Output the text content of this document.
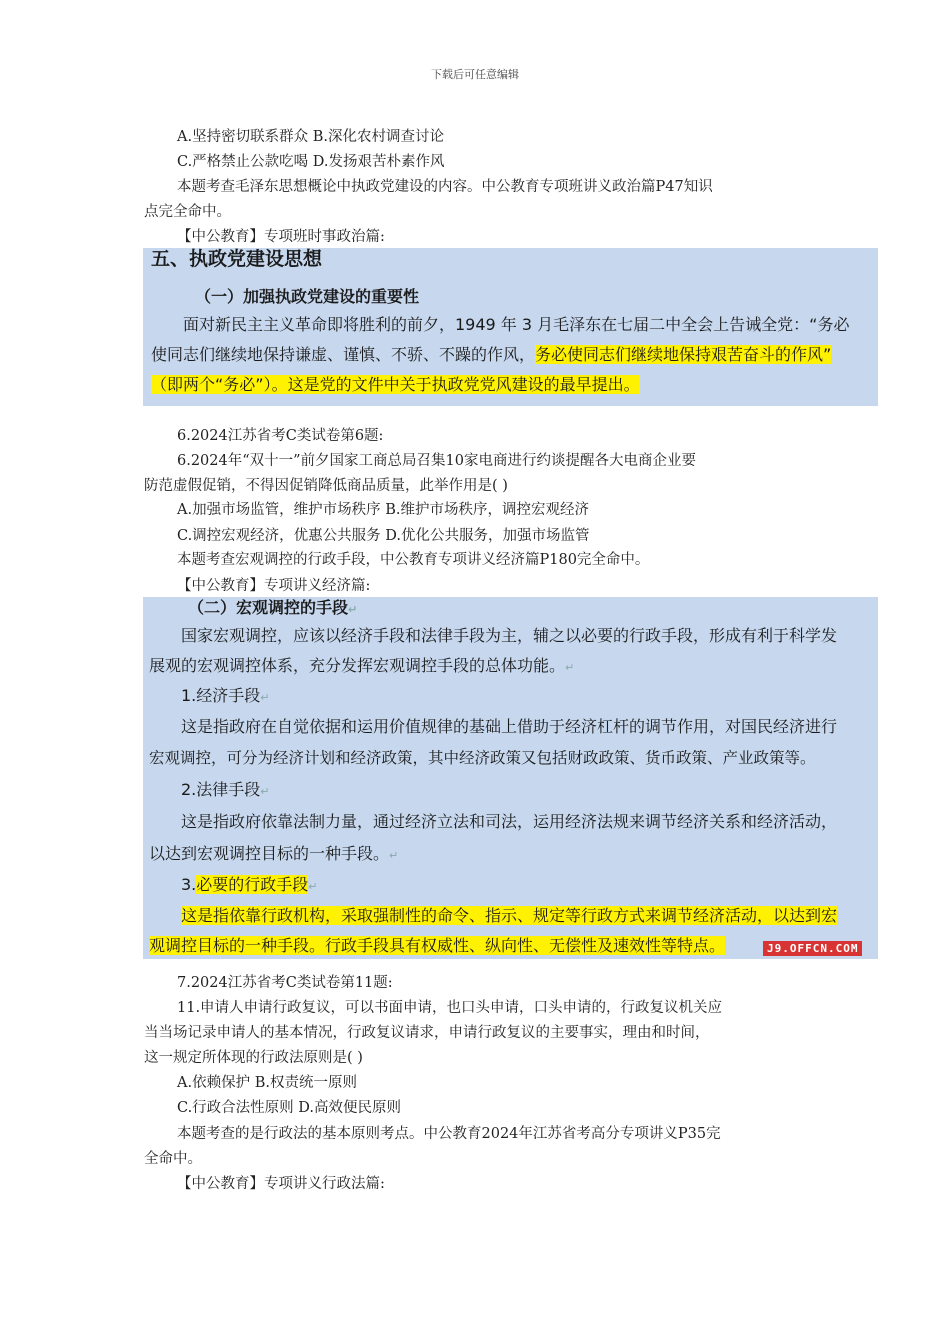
下载后可任意编辑
A.坚持密切联系群众 B.深化农村调查讨论
C.严格禁止公款吃喝 D.发扬艰苦朴素作风
本题考查毛泽东思想概论中执政党建设的内容。中公教育专项班讲义政治篇P47知识
点完全命中。
【中公教育】专项班时事政治篇:
五、执政党建设思想
（一）加强执政党建设的重要性
面对新民主主义革命即将胜利的前夕，1949 年 3 月毛泽东在七届二中全会上告诫全党：“务必
使同志们继续地保持谦虚、谨慎、不骄、不躁的作风，务必使同志们继续地保持艰苦奋斗的作风”
（即两个“务必”）。这是党的文件中关于执政党党风建设的最早提出。
6.2024江苏省考C类试卷第6题:
6.2024年“双十一”前夕国家工商总局召集10家电商进行约谈提醒各大电商企业要
防范虚假促销，不得因促销降低商品质量，此举作用是( )
A.加强市场监管，维护市场秩序 B.维护市场秩序，调控宏观经济
C.调控宏观经济，优惠公共服务 D.优化公共服务，加强市场监管
本题考查宏观调控的行政手段，中公教育专项讲义经济篇P180完全命中。
【中公教育】专项讲义经济篇:
（二）宏观调控的手段↵
国家宏观调控，应该以经济手段和法律手段为主，辅之以必要的行政手段，形成有利于科学发
展观的宏观调控体系，充分发挥宏观调控手段的总体功能。↵
1.经济手段↵
这是指政府在自觉依据和运用价值规律的基础上借助于经济杠杆的调节作用，对国民经济进行
宏观调控，可分为经济计划和经济政策，其中经济政策又包括财政政策、货币政策、产业政策等。
2.法律手段↵
这是指政府依靠法制力量，通过经济立法和司法，运用经济法规来调节经济关系和经济活动，
以达到宏观调控目标的一种手段。↵
3.必要的行政手段↵
这是指依靠行政机构，采取强制性的命令、指示、规定等行政方式来调节经济活动，以达到宏
观调控目标的一种手段。行政手段具有权威性、纵向性、无偿性及速效性等特点。	J9.OFFCN.COM
7.2024江苏省考C类试卷第11题:
11.申请人申请行政复议，可以书面申请，也口头申请，口头申请的，行政复议机关应
当当场记录申请人的基本情况，行政复议请求，申请行政复议的主要事实，理由和时间，
这一规定所体现的行政法原则是( )
A.依赖保护 B.权责统一原则
C.行政合法性原则 D.高效便民原则
本题考查的是行政法的基本原则考点。中公教育2024年江苏省考高分专项讲义P35完
全命中。
【中公教育】专项讲义行政法篇:
